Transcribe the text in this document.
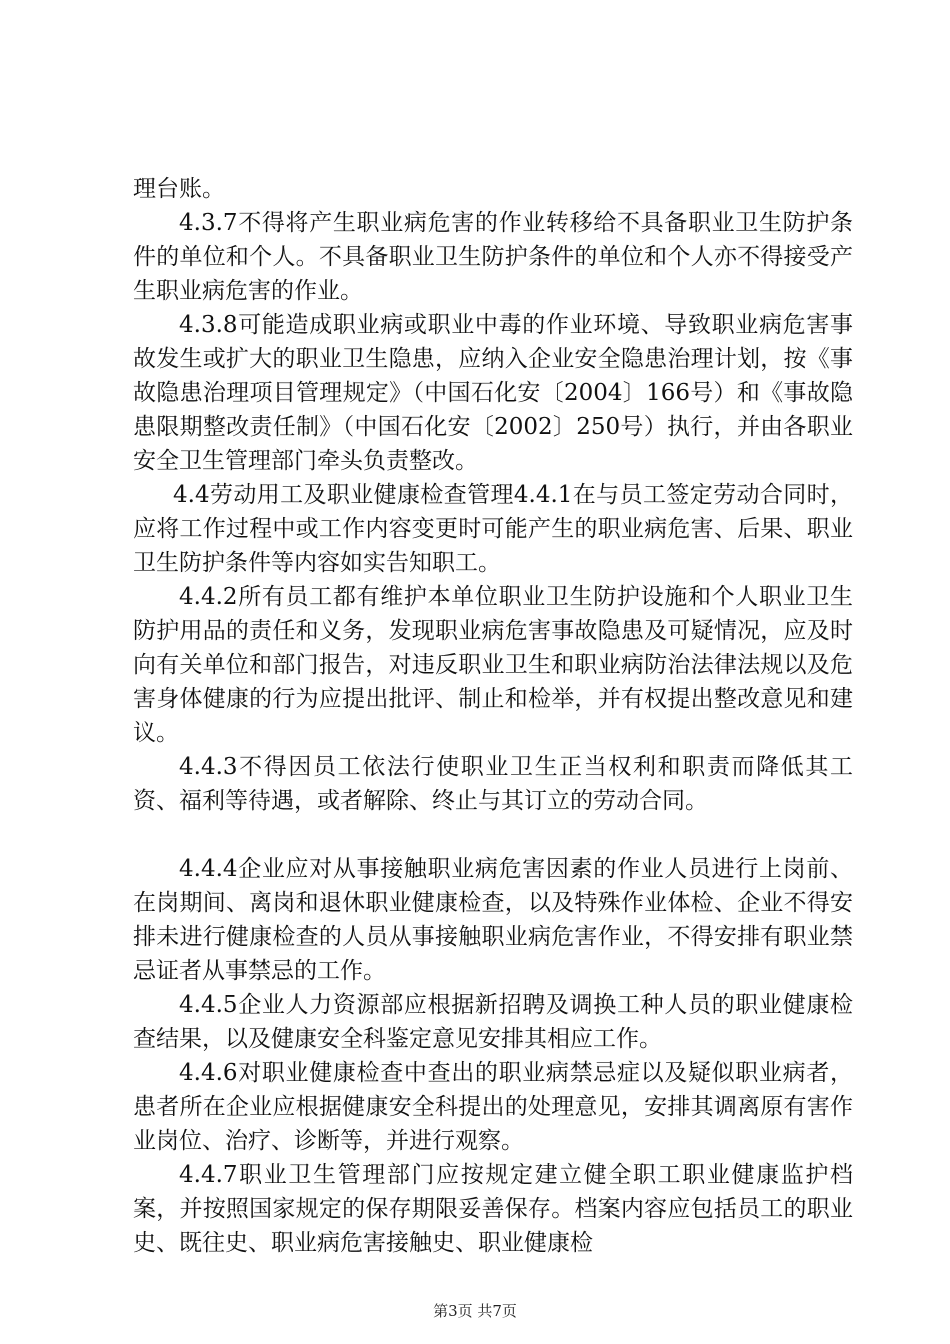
理台账。

4.3.7不得将产生职业病危害的作业转移给不具备职业卫生防护条件的单位和个人。不具备职业卫生防护条件的单位和个人亦不得接受产生职业病危害的作业。

4.3.8可能造成职业病或职业中毒的作业环境、导致职业病危害事故发生或扩大的职业卫生隐患，应纳入企业安全隐患治理计划，按《事故隐患治理项目管理规定》（中国石化安〔2004〕166号）和《事故隐患限期整改责任制》（中国石化安〔2002〕250号）执行，并由各职业安全卫生管理部门牵头负责整改。

4.4劳动用工及职业健康检查管理4.4.1在与员工签定劳动合同时，应将工作过程中或工作内容变更时可能产生的职业病危害、后果、职业卫生防护条件等内容如实告知职工。

4.4.2所有员工都有维护本单位职业卫生防护设施和个人职业卫生防护用品的责任和义务，发现职业病危害事故隐患及可疑情况，应及时向有关单位和部门报告，对违反职业卫生和职业病防治法律法规以及危害身体健康的行为应提出批评、制止和检举，并有权提出整改意见和建议。

4.4.3不得因员工依法行使职业卫生正当权利和职责而降低其工资、福利等待遇，或者解除、终止与其订立的劳动合同。

4.4.4企业应对从事接触职业病危害因素的作业人员进行上岗前、在岗期间、离岗和退休职业健康检查，以及特殊作业体检、企业不得安排未进行健康检查的人员从事接触职业病危害作业，不得安排有职业禁忌证者从事禁忌的工作。

4.4.5企业人力资源部应根据新招聘及调换工种人员的职业健康检查结果，以及健康安全科鉴定意见安排其相应工作。

4.4.6对职业健康检查中查出的职业病禁忌症以及疑似职业病者，患者所在企业应根据健康安全科提出的处理意见，安排其调离原有害作业岗位、治疗、诊断等，并进行观察。

4.4.7职业卫生管理部门应按规定建立健全职工职业健康监护档案，并按照国家规定的保存期限妥善保存。档案内容应包括员工的职业史、既往史、职业病危害接触史、职业健康检

第3页 共7页
